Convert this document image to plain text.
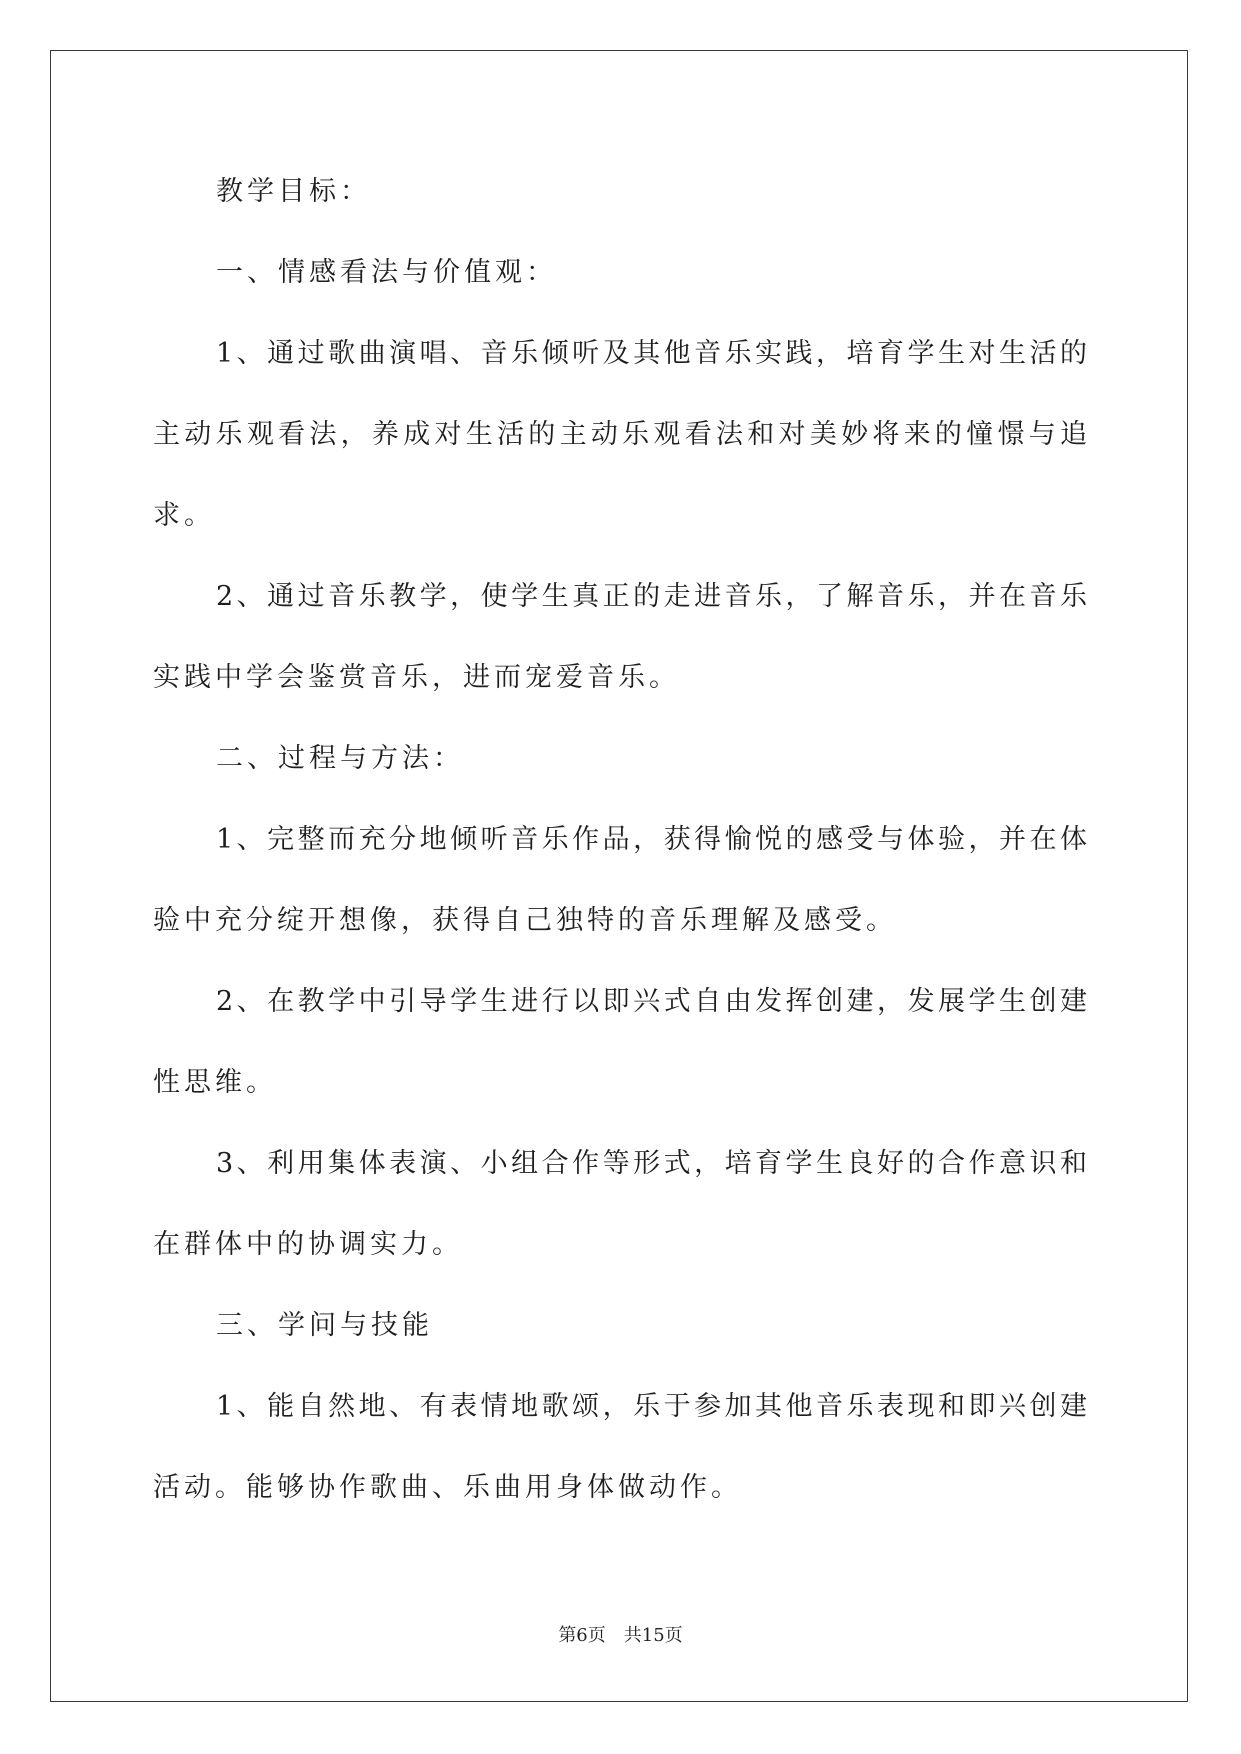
教学目标：
一、情感看法与价值观：
1、通过歌曲演唱、音乐倾听及其他音乐实践，培育学生对生活的
主动乐观看法，养成对生活的主动乐观看法和对美妙将来的憧憬与追
求。
2、通过音乐教学，使学生真正的走进音乐，了解音乐，并在音乐
实践中学会鉴赏音乐，进而宠爱音乐。
二、过程与方法：
1、完整而充分地倾听音乐作品，获得愉悦的感受与体验，并在体
验中充分绽开想像，获得自己独特的音乐理解及感受。
2、在教学中引导学生进行以即兴式自由发挥创建，发展学生创建
性思维。
3、利用集体表演、小组合作等形式，培育学生良好的合作意识和
在群体中的协调实力。
三、学问与技能
1、能自然地、有表情地歌颂，乐于参加其他音乐表现和即兴创建
活动。能够协作歌曲、乐曲用身体做动作。
第6页 共15页
